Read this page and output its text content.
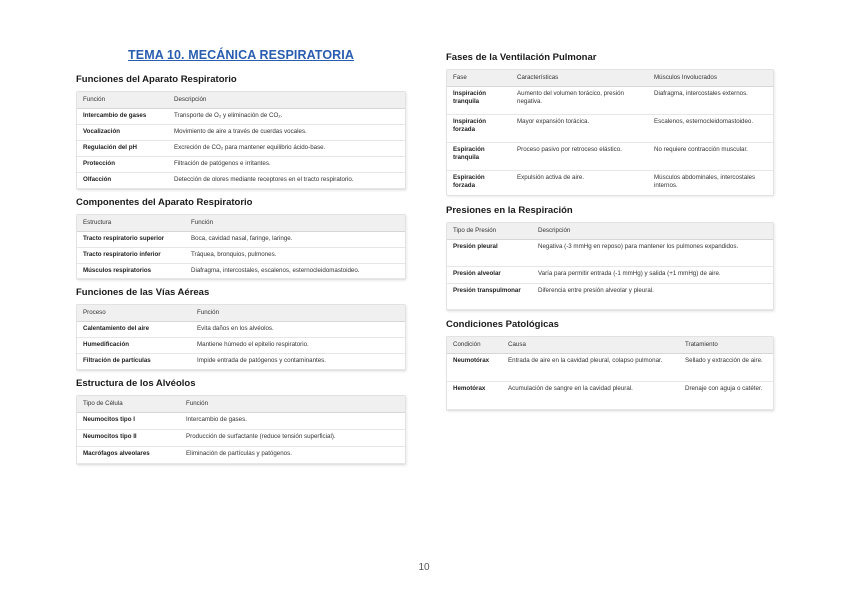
TEMA 10. MECÁNICA RESPIRATORIA
Funciones del Aparato Respiratorio
Función	Descripción
Intercambio de gases	Transporte de O₂ y eliminación de CO₂.
Vocalización	Movimiento de aire a través de cuerdas vocales.
Regulación del pH	Excreción de CO₂ para mantener equilibrio ácido-base.
Protección	Filtración de patógenos e irritantes.
Olfacción	Detección de olores mediante receptores en el tracto respiratorio.
Componentes del Aparato Respiratorio
Estructura	Función
Tracto respiratorio superior	Boca, cavidad nasal, faringe, laringe.
Tracto respiratorio inferior	Tráquea, bronquios, pulmones.
Músculos respiratorios	Diafragma, intercostales, escalenos, esternocleidomastoideo.
Funciones de las Vías Aéreas
Proceso	Función
Calentamiento del aire	Evita daños en los alvéolos.
Humedificación	Mantiene húmedo el epitelio respiratorio.
Filtración de partículas	Impide entrada de patógenos y contaminantes.
Estructura de los Alvéolos
Tipo de Célula	Función
Neumocitos tipo I	Intercambio de gases.
Neumocitos tipo II	Producción de surfactante (reduce tensión superficial).
Macrófagos alveolares	Eliminación de partículas y patógenos.
Fases de la Ventilación Pulmonar
Fase	Características	Músculos Involucrados
Inspiración tranquila	Aumento del volumen torácico, presión negativa.	Diafragma, intercostales externos.
Inspiración forzada	Mayor expansión torácica.	Escalenos, esternocleidomastoideo.
Espiración tranquila	Proceso pasivo por retroceso elástico.	No requiere contracción muscular.
Espiración forzada	Expulsión activa de aire.	Músculos abdominales, intercostales internos.
Presiones en la Respiración
Tipo de Presión	Descripción
Presión pleural	Negativa (-3 mmHg en reposo) para mantener los pulmones expandidos.
Presión alveolar	Varía para permitir entrada (-1 mmHg) y salida (+1 mmHg) de aire.
Presión transpulmonar	Diferencia entre presión alveolar y pleural.
Condiciones Patológicas
Condición	Causa	Tratamiento
Neumotórax	Entrada de aire en la cavidad pleural, colapso pulmonar.	Sellado y extracción de aire.
Hemotórax	Acumulación de sangre en la cavidad pleural.	Drenaje con aguja o catéter.
10
